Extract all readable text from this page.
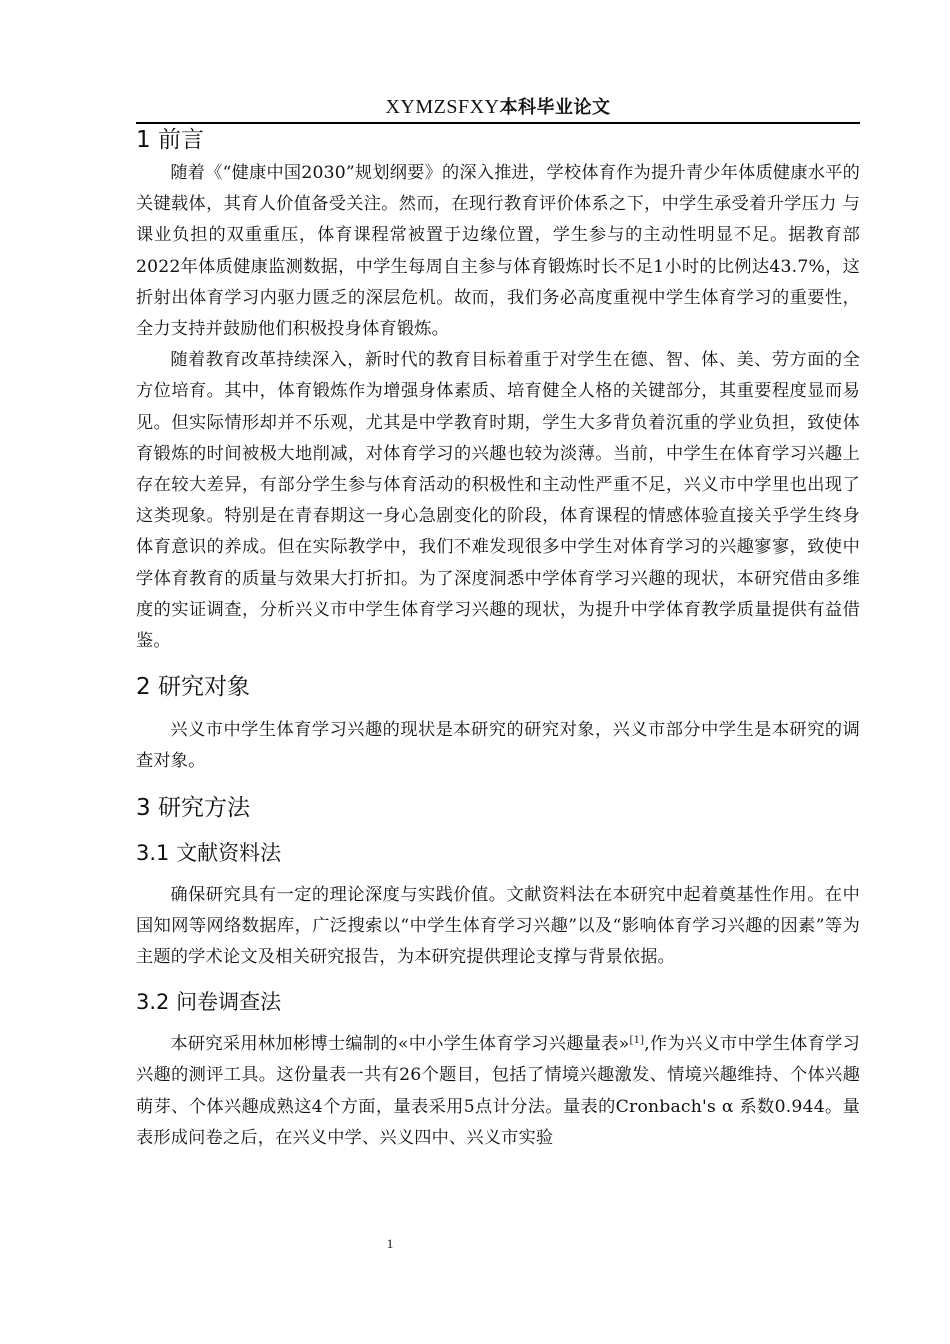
XYMZSFXY本科毕业论文
1 前言

随着《“健康中国2030”规划纲要》的深入推进，学校体育作为提升青少年体质健康水平的关键载体，其育人价值备受关注。然而，在现行教育评价体系之下，中学生承受着升学压力 与课业负担的双重重压，体育课程常被置于边缘位置，学生参与的主动性明显不足。据教育部2022年体质健康监测数据，中学生每周自主参与体育锻炼时长不足1小时的比例达43.7%，这折射出体育学习内驱力匮乏的深层危机。故而，我们务必高度重视中学生体育学习的重要性，全力支持并鼓励他们积极投身体育锻炼。

随着教育改革持续深入，新时代的教育目标着重于对学生在德、智、体、美、劳方面的全方位培育。其中，体育锻炼作为增强身体素质、培育健全人格的关键部分，其重要程度显而易见。但实际情形却并不乐观，尤其是中学教育时期，学生大多背负着沉重的学业负担，致使体育锻炼的时间被极大地削减，对体育学习的兴趣也较为淡薄。当前，中学生在体育学习兴趣上存在较大差异，有部分学生参与体育活动的积极性和主动性严重不足，兴义市中学里也出现了这类现象。特别是在青春期这一身心急剧变化的阶段，体育课程的情感体验直接关乎学生终身体育意识的养成。但在实际教学中，我们不难发现很多中学生对体育学习的兴趣寥寥，致使中学体育教育的质量与效果大打折扣。为了深度洞悉中学体育学习兴趣的现状，本研究借由多维度的实证调查，分析兴义市中学生体育学习兴趣的现状，为提升中学体育教学质量提供有益借鉴。

2 研究对象

兴义市中学生体育学习兴趣的现状是本研究的研究对象，兴义市部分中学生是本研究的调查对象。

3 研究方法
3.1 文献资料法

确保研究具有一定的理论深度与实践价值。文献资料法在本研究中起着奠基性作用。在中国知网等网络数据库，广泛搜索以“中学生体育学习兴趣”以及“影响体育学习兴趣的因素”等为主题的学术论文及相关研究报告，为本研究提供理论支撑与背景依据。

3.2 问卷调查法

本研究采用林加彬博士编制的«中小学生体育学习兴趣量表»[1],作为兴义市中学生体育学习兴趣的测评工具。这份量表一共有26个题目，包括了情境兴趣激发、情境兴趣维持、个体兴趣萌芽、个体兴趣成熟这4个方面，量表采用5点计分法。量表的Cronbach's α 系数0.944。量表形成问卷之后，在兴义中学、兴义四中、兴义市实验

1
